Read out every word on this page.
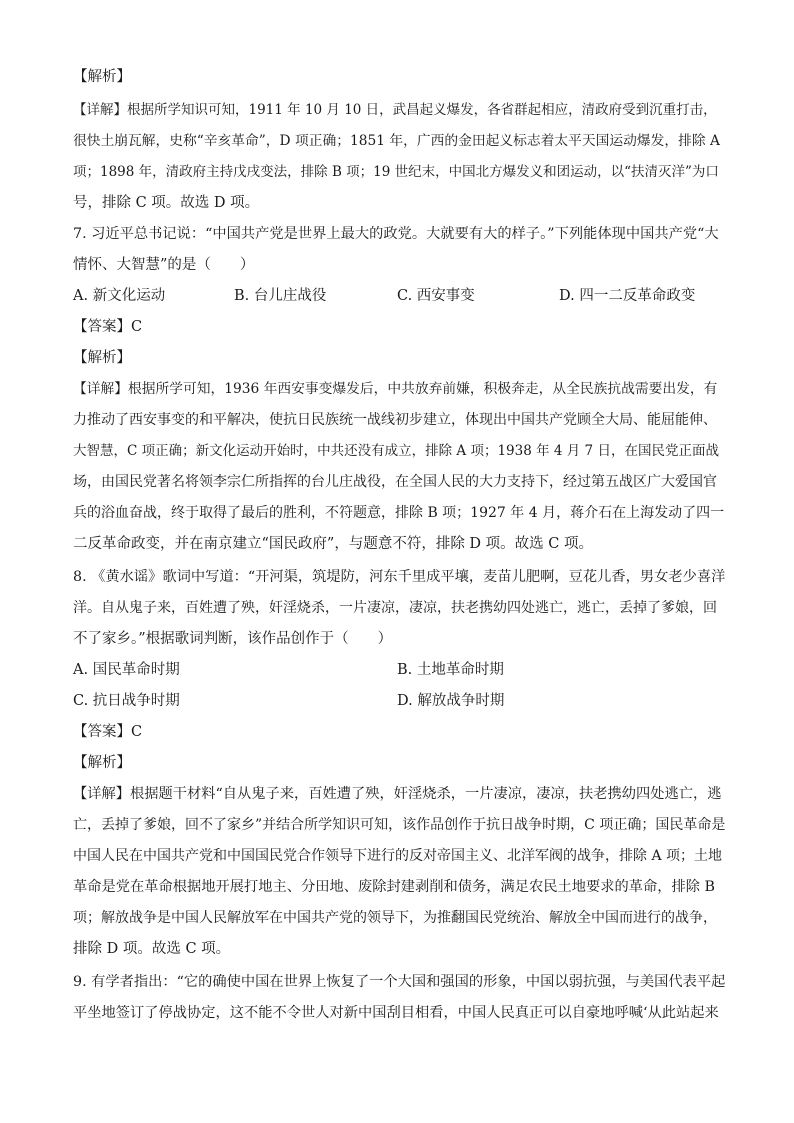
【解析】
【详解】根据所学知识可知，1911 年 10 月 10 日，武昌起义爆发，各省群起相应，清政府受到沉重打击，
很快土崩瓦解，史称“辛亥革命”，D 项正确；1851 年，广西的金田起义标志着太平天国运动爆发，排除 A
项；1898 年，清政府主持戊戌变法，排除 B 项；19 世纪末，中国北方爆发义和团运动，以“扶清灭洋”为口
号，排除 C 项。故选 D 项。
7. 习近平总书记说：“中国共产党是世界上最大的政党。大就要有大的样子。”下列能体现中国共产党“大
情怀、大智慧”的是（　　）
A. 新文化运动	B. 台儿庄战役	C. 西安事变	D. 四一二反革命政变
【答案】C
【解析】
【详解】根据所学可知，1936 年西安事变爆发后，中共放弃前嫌，积极奔走，从全民族抗战需要出发，有
力推动了西安事变的和平解决，使抗日民族统一战线初步建立，体现出中国共产党顾全大局、能屈能伸、
大智慧，C 项正确；新文化运动开始时，中共还没有成立，排除 A 项；1938 年 4 月 7 日，在国民党正面战
场，由国民党著名将领李宗仁所指挥的台儿庄战役，在全国人民的大力支持下，经过第五战区广大爱国官
兵的浴血奋战，终于取得了最后的胜利，不符题意，排除 B 项；1927 年 4 月，蒋介石在上海发动了四一
二反革命政变，并在南京建立“国民政府”，与题意不符，排除 D 项。故选 C 项。
8. 《黄水谣》歌词中写道：“开河渠，筑堤防，河东千里成平壤，麦苗儿肥啊，豆花儿香，男女老少喜洋
洋。自从鬼子来，百姓遭了殃，奸淫烧杀，一片凄凉，凄凉，扶老携幼四处逃亡，逃亡，丢掉了爹娘，回
不了家乡。”根据歌词判断，该作品创作于（　　）
A. 国民革命时期	B. 土地革命时期
C. 抗日战争时期	D. 解放战争时期
【答案】C
【解析】
【详解】根据题干材料“自从鬼子来，百姓遭了殃，奸淫烧杀，一片凄凉，凄凉，扶老携幼四处逃亡，逃
亡，丢掉了爹娘，回不了家乡”并结合所学知识可知，该作品创作于抗日战争时期，C 项正确；国民革命是
中国人民在中国共产党和中国国民党合作领导下进行的反对帝国主义、北洋军阀的战争，排除 A 项；土地
革命是党在革命根据地开展打地主、分田地、废除封建剥削和债务，满足农民土地要求的革命，排除 B
项；解放战争是中国人民解放军在中国共产党的领导下，为推翻国民党统治、解放全中国而进行的战争，
排除 D 项。故选 C 项。
9. 有学者指出：“它的确使中国在世界上恢复了一个大国和强国的形象，中国以弱抗强，与美国代表平起
平坐地签订了停战协定，这不能不令世人对新中国刮目相看，中国人民真正可以自豪地呼喊‘从此站起来
